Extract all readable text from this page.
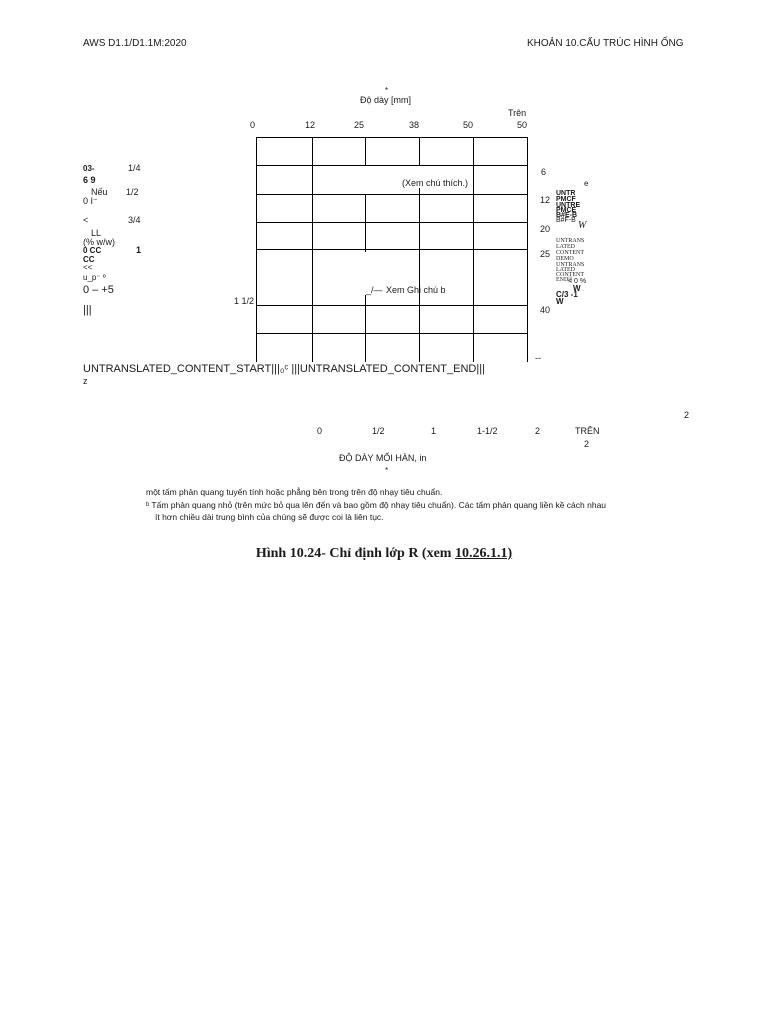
AWS D1.1/D1.1M:2020	KHOẢN 10.CẤU TRÚC HÌNH ỐNG
*
Độ dày [mm]
Trên
0	12	25	38	50	50
(Xem chú thích.)
_/— Xem Ghi chú b
6
12
20
25
40
--
1 1/2
03-	1/4
6 9
Nếu 1/2
0 I⁻
<	3/4
LL
(% w/w)
0 CC	1
CC
<<
u_p⁻ º
0 – +5
|||
UNTRANSLATED_CONTENT_START|||₀ᶜ |||UNTRANSLATED_CONTENT_END|||
z
e
UNTR
PMCF
UNTRE
PMCE
B#E-B
B#F-B W
UNTRANS
LATED
CONTENT
DEMO
UNTRANS
LATED
CONTENT
END|||
< 0 %
W
C/3 -1
W
2
0	1/2	1	1-1/2	2	TRÊN
2
ĐỘ DÀY MỐI HÀN, in
*
một tấm phản quang tuyến tính hoặc phẳng bên trong trên độ nhạy tiêu chuẩn.
ᵇ Tấm phản quang nhỏ (trên mức bỏ qua lên đến và bao gồm độ nhạy tiêu chuẩn). Các tấm phản quang liền kề cách nhau
ít hơn chiều dài trung bình của chúng sẽ được coi là liên tục.
Hình 10.24- Chỉ định lớp R (xem 10.26.1.1)
